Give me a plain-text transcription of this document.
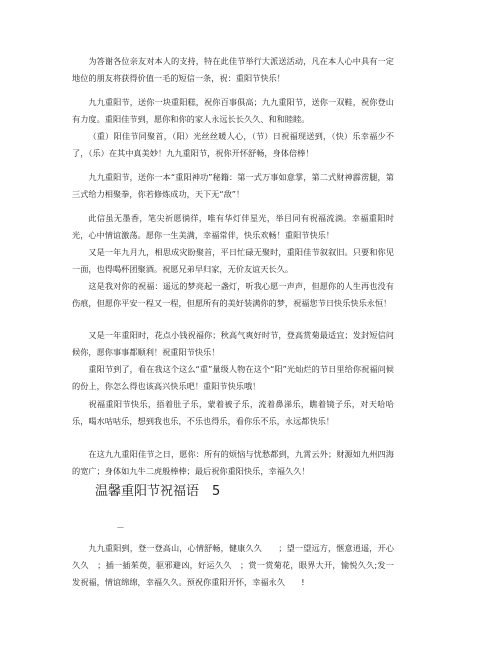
为答谢各位亲友对本人的支持，特在此佳节举行大派送活动，凡在本人心中具有一定地位的朋友将获得价值一毛的短信一条，祝：重阳节快乐！

九九重阳节，送你一块重阳糕，祝你百事俱高；九九重阳节，送你一双鞋，祝你登山有力度。重阳佳节到，愿你和你的家人永远长长久久、和和睦睦。

（重）阳佳节同聚首，（阳）光丝丝暖人心，（节）日祝福现送到，（快）乐幸福少不了，（乐）在其中真美妙！九九重阳节，祝你开怀舒畅，身体倍棒！

九九重阳节，送你一本“重阳神功”秘籍：第一式万事如意掌，第二式财神霹雳腿，第三式给力相聚拳，你若修炼成功，天下无“敌”！

此信虽无墨香，笔尖祈愿徜徉，唯有华灯伴星光，举目同有祝福流淌。幸福重阳时光，心中情谊激荡。愿你一生美满，幸福常伴，快乐欢畅！重阳节快乐！

又是一年九月九，相思成灾盼聚首，平日忙碌无聚时，重阳佳节叙叙旧。只要和你见一面，也得喝杯团聚酒。祝愿兄弟早归家，无价友谊天长久。

这是我对你的祝福：遥远的梦亮起一盏灯，听我心愿一声声，但愿你的人生再也没有伤痕，但愿你平安一程又一程，但愿所有的美好装满你的梦，祝福您节日快乐快乐永恒！

又是一年重阳时，花点小钱祝福你；秋高气爽好时节，登高赏菊最适宜；发封短信问候你，愿你事事都顺利！祝重阳节快乐！

重阳节到了，看在我这个这么“重”量级人物在这个“阳”光灿烂的节日里给你祝福问候的份上，你怎么得也该高兴快乐吧！重阳节快乐哦！

祝福重阳节快乐，捂着肚子乐，蒙着被子乐，流着鼻涕乐，瞧着镜子乐，对天哈哈乐，喝水咕咕乐，想到我也乐，不乐也得乐，看你乐不乐，永远都快乐！

在这九九重阳佳节之日，愿你：所有的烦恼与忧愁都到，九霄云外；财源如九州四海的宽广；身体如九牛二虎般棒棒；最后祝你重阳快乐，幸福久久！

温馨重阳节祝福语　5
—

九九重阳到，登一登高山，心情舒畅，健康久久　　；望一望远方，惬意逍遥，开心久久　；插一插茱萸，驱邪避凶，好运久久　；赏一赏菊花，眼界大开，愉悦久久;发一发祝福，情谊绵绵，幸福久久。预祝你重阳开怀，幸福永久　　!
